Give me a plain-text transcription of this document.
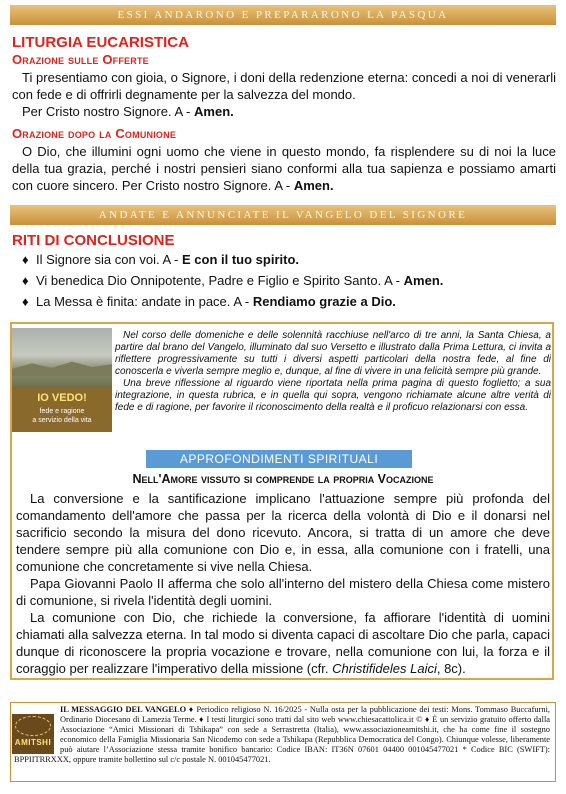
ESSI ANDARONO E PREPARARONO LA PASQUA
LITURGIA EUCARISTICA
Orazione sulle Offerte
Ti presentiamo con gioia, o Signore, i doni della redenzione eterna: concedi a noi di venerarli con fede e di offrirli degnamente per la salvezza del mondo.
Per Cristo nostro Signore. A - Amen.
Orazione dopo la Comunione
O Dio, che illumini ogni uomo che viene in questo mondo, fa risplendere su di noi la luce della tua grazia, perché i nostri pensieri siano conformi alla tua sapienza e possiamo amarti con cuore sincero. Per Cristo nostro Signore. A - Amen.
ANDATE E ANNUNCIATE IL VANGELO DEL SIGNORE
RITI DI CONCLUSIONE
♦ Il Signore sia con voi. A - E con il tuo spirito.
♦ Vi benedica Dio Onnipotente, Padre e Figlio e Spirito Santo. A - Amen.
♦ La Messa è finita: andate in pace. A - Rendiamo grazie a Dio.
IO VEDO!
fede e ragione
a servizio della vita

Nel corso delle domeniche e delle solennità racchiuse nell'arco di tre anni, la Santa Chiesa, a partire dal brano del Vangelo, illuminato dal suo Versetto e illustrato dalla Prima Lettura, ci invita a riflettere progressivamente su tutti i diversi aspetti particolari della nostra fede, al fine di conoscerla e viverla sempre meglio e, dunque, al fine di vivere in una felicità sempre più grande.

Una breve riflessione al riguardo viene riportata nella prima pagina di questo foglietto; a sua integrazione, in questa rubrica, e in quella qui sopra, vengono richiamate alcune altre verità di fede e di ragione, per favorire il riconoscimento della realtà e il proficuo relazionarsi con essa.

APPROFONDIMENTI SPIRITUALI
Nell'Amore vissuto si comprende la propria Vocazione

La conversione e la santificazione implicano l'attuazione sempre più profonda del comandamento dell'amore che passa per la ricerca della volontà di Dio e il donarsi nel sacrificio secondo la misura del dono ricevuto. Ancora, si tratta di un amore che deve tendere sempre più alla comunione con Dio e, in essa, alla comunione con i fratelli, una comunione che concretamente si vive nella Chiesa.

Papa Giovanni Paolo II afferma che solo all'interno del mistero della Chiesa come mistero di comunione, si rivela l'identità degli uomini.

La comunione con Dio, che richiede la conversione, fa affiorare l'identità di uomini chiamati alla salvezza eterna. In tal modo si diventa capaci di ascoltare Dio che parla, capaci dunque di riconoscere la propria vocazione e trovare, nella comunione con lui, la forza e il coraggio per realizzare l'imperativo della missione (cfr. Christifideles Laici, 8c).

AMITSHI
IL MESSAGGIO DEL VANGELO ♦ Periodico religioso N. 16/2025 - Nulla osta per la pubblicazione dei testi: Mons. Tommaso Buccafurni, Ordinario Diocesano di Lamezia Terme. ♦ I testi liturgici sono tratti dal sito web www.chiesacattolica.it © ♦ È un servizio gratuito offerto dalla Associazione “Amici Missionari di Tshikapa” con sede a Serrastretta (Italia), www.associazioneamitshi.it, che ha come fine il sostegno economico della Famiglia Missionaria San Nicodemo con sede a Tshikapa (Repubblica Democratica del Congo). Chiunque volesse, liberamente può aiutare l’Associazione stessa tramite bonifico bancario: Codice IBAN: IT36N 07601 04400 001045477021 * Codice BIC (SWIFT): BPPIITRRXXX, oppure tramite bollettino sul c/c postale N. 001045477021.
